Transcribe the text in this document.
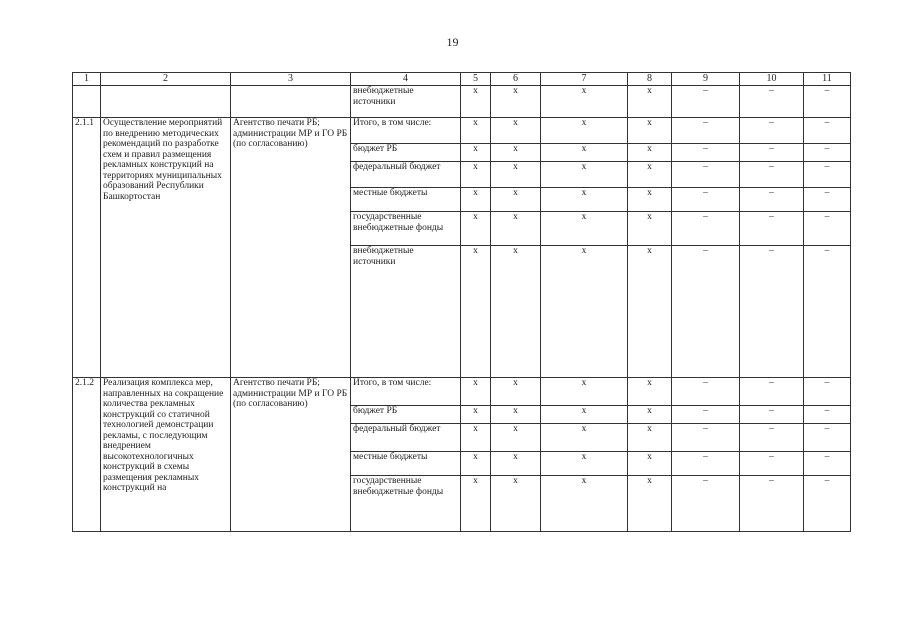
19
1	2	3	4	5	6	7	8	9	10	11
			внебюджетные источники	x	x	x	x	–	–	–
2.1.1	Осуществление мероприятий по внедрению методических рекомендаций по разработке схем и правил размещения рекламных конструкций на территориях муниципальных образований Республики Башкортостан	Агентство печати РБ; администрации МР и ГО РБ (по согласованию)	Итого, в том числе:	x	x	x	x	–	–	–
			бюджет РБ	x	x	x	x	–	–	–
			федеральный бюджет	x	x	x	x	–	–	–
			местные бюджеты	x	x	x	x	–	–	–
			государственные внебюджетные фонды	x	x	x	x	–	–	–
			внебюджетные источники	x	x	x	x	–	–	–
2.1.2	Реализация комплекса мер, направленных на сокращение количества рекламных конструкций со статичной технологией демонстрации рекламы, с последующим внедрением высокотехнологичных конструкций в схемы размещения рекламных конструкций на	Агентство печати РБ; администрации МР и ГО РБ (по согласованию)	Итого, в том числе:	x	x	x	x	–	–	–
			бюджет РБ	x	x	x	x	–	–	–
			федеральный бюджет	x	x	x	x	–	–	–
			местные бюджеты	x	x	x	x	–	–	–
			государственные внебюджетные фонды	x	x	x	x	–	–	–
